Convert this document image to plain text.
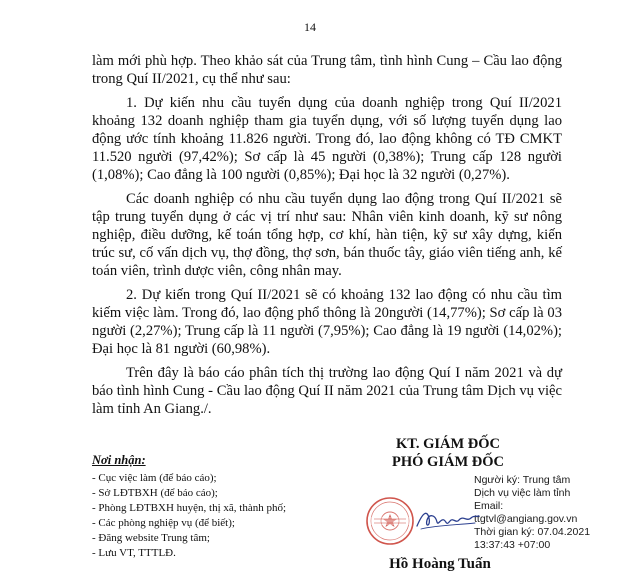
14

làm mới phù hợp. Theo khảo sát của Trung tâm, tình hình Cung – Cầu lao động trong Quí II/2021, cụ thể như sau:

1. Dự kiến nhu cầu tuyển dụng của doanh nghiệp trong Quí II/2021 khoảng 132 doanh nghiệp tham gia tuyển dụng, với số lượng tuyển dụng lao động ước tính khoảng 11.826 người. Trong đó, lao động không có TĐ CMKT 11.520 người (97,42%); Sơ cấp là 45 người (0,38%); Trung cấp 128 người (1,08%); Cao đẳng là 100 người (0,85%); Đại học là 32 người (0,27%).

Các doanh nghiệp có nhu cầu tuyển dụng lao động trong Quí II/2021 sẽ tập trung tuyển dụng ở các vị trí như sau: Nhân viên kinh doanh, kỹ sư nông nghiệp, điều dưỡng, kế toán tổng hợp, cơ khí, hàn tiện, kỹ sư xây dựng, kiến trúc sư, cố vấn dịch vụ, thợ đồng, thợ sơn, bán thuốc tây, giáo viên tiếng anh, kế toán viên, trình dược viên, công nhân may.

2. Dự kiến trong Quí II/2021 sẽ có khoảng 132 lao động có nhu cầu tìm kiếm việc làm. Trong đó, lao động phổ thông là 20người (14,77%); Sơ cấp là 03 người (2,27%); Trung cấp là 11 người (7,95%); Cao đẳng là 19 người (14,02%); Đại học là 81 người (60,98%).

Trên đây là báo cáo phân tích thị trường lao động Quí I năm 2021 và dự báo tình hình Cung - Cầu lao động Quí II năm 2021 của Trung tâm Dịch vụ việc làm tỉnh An Giang./.

Nơi nhận:
- Cục việc làm (để báo cáo);
- Sở LĐTBXH (để báo cáo);
- Phòng LĐTBXH huyện, thị xã, thành phố;
- Các phòng nghiệp vụ (để biết);
- Đăng website Trung tâm;
- Lưu VT, TTTLĐ.

KT. GIÁM ĐỐC

PHÓ GIÁM ĐỐC

Người ký: Trung tâm
Dịch vụ việc làm tỉnh
Email:
ttgtvl@angiang.gov.vn
Thời gian ký: 07.04.2021
13:37:43 +07:00
Hồ Hoàng Tuấn
